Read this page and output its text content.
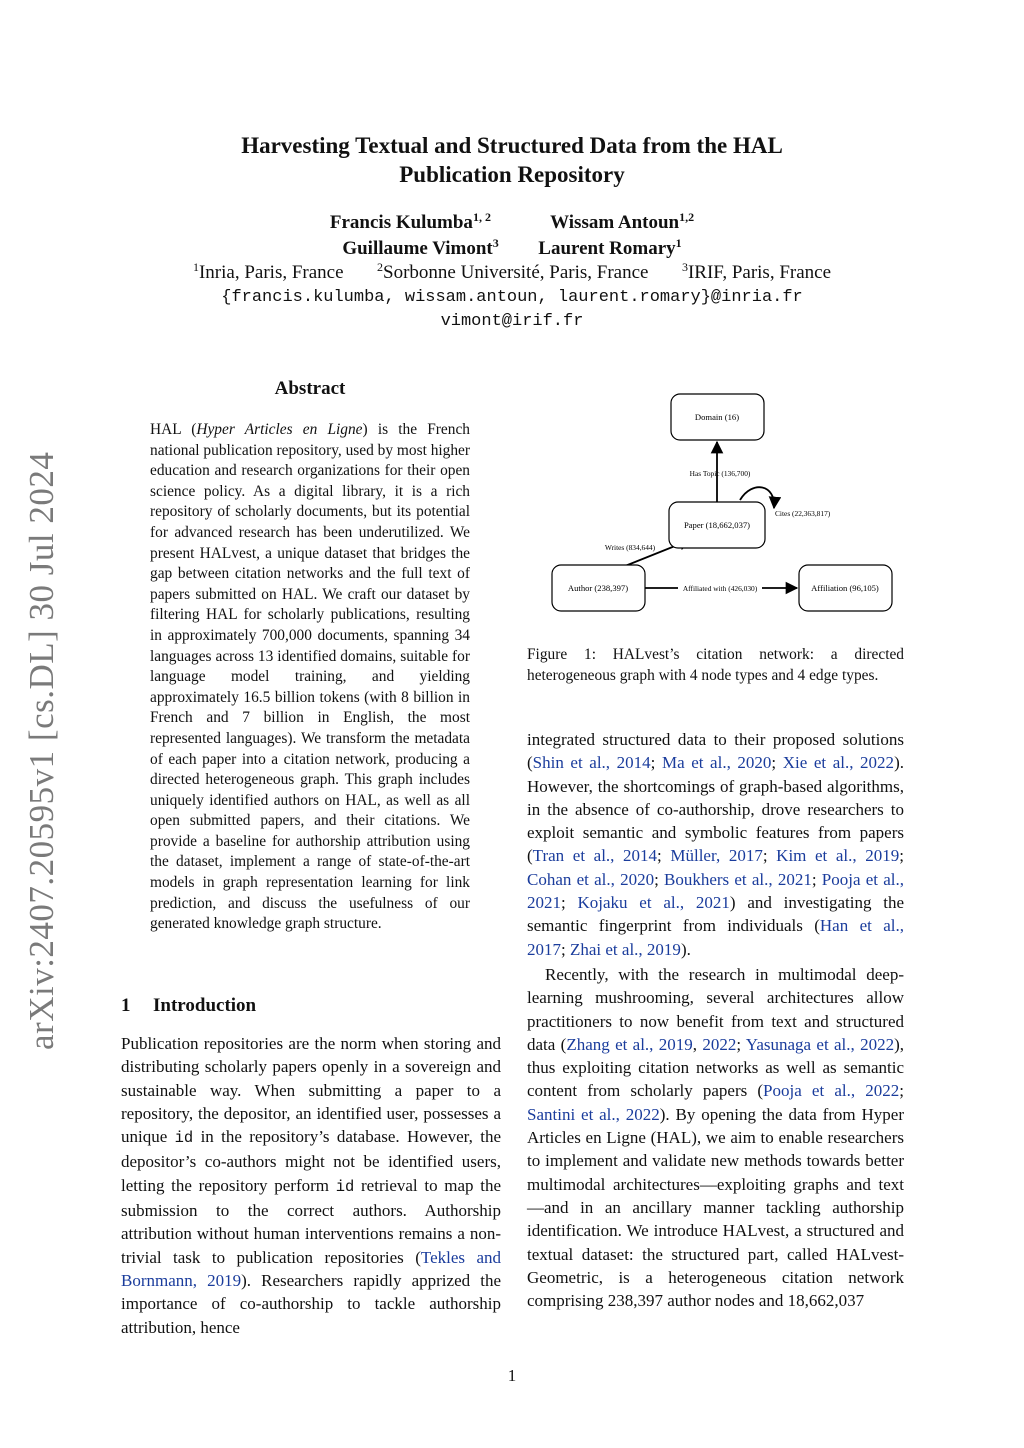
Harvesting Textual and Structured Data from the HAL
Publication Repository
Francis Kulumba$^{1, 2}$	Wissam Antoun$^{1,2}$
Guillaume Vimont$^3$ Laurent Romary$^1$
$^1$Inria, Paris, France	$^2$Sorbonne Université, Paris, France	$^3$IRIF, Paris, France
{francis.kulumba, wissam.antoun, laurent.romary}@inria.fr
vimont@irif.fr
arXiv:2407.20595v1 [cs.DL] 30 Jul 2024
Abstract
HAL (Hyper Articles en Ligne) is the French national publication repository, used by most higher education and research organizations for their open science policy. As a digital library, it is a rich repository of scholarly documents, but its potential for advanced research has been underutilized. We present HALvest, a unique dataset that bridges the gap between citation networks and the full text of papers submitted on HAL. We craft our dataset by filtering HAL for scholarly publications, resulting in approximately 700,000 documents, spanning 34 languages across 13 identified domains, suitable for language model training, and yielding approximately 16.5 billion tokens (with 8 billion in French and 7 billion in English, the most represented languages). We transform the metadata of each paper into a citation network, producing a directed heterogeneous graph. This graph includes uniquely identified authors on HAL, as well as all open submitted papers, and their citations. We provide a baseline for authorship attribution using the dataset, implement a range of state-of-the-art models in graph representation learning for link prediction, and discuss the usefulness of our generated knowledge graph structure.
1 Introduction
Publication repositories are the norm when storing and distributing scholarly papers openly in a sovereign and sustainable way. When submitting a paper to a repository, the depositor, an identified user, possesses a unique id in the repository’s database. However, the depositor’s co-authors might not be identified users, letting the repository perform id retrieval to map the submission to the correct authors. Authorship attribution without human interventions remains a non-trivial task to publication repositories (Tekles and Bornmann, 2019). Researchers rapidly apprized the importance of co-authorship to tackle authorship attribution, hence
Domain (16)
Paper (18,662,037)
Author (238,397)	Affiliation (96,105)
Has Topic (136,700)
Cites (22,363,817)
Writes (834,644)
Affiliated with (426,030)
Figure 1: HALvest’s citation network: a directed heterogeneous graph with 4 node types and 4 edge types.

integrated structured data to their proposed solutions (Shin et al., 2014; Ma et al., 2020; Xie et al., 2022). However, the shortcomings of graph-based algorithms, in the absence of co-authorship, drove researchers to exploit semantic and symbolic features from papers (Tran et al., 2014; Müller, 2017; Kim et al., 2019; Cohan et al., 2020; Boukhers et al., 2021; Pooja et al., 2021; Kojaku et al., 2021) and investigating the semantic fingerprint from individuals (Han et al., 2017; Zhai et al., 2019).

Recently, with the research in multimodal deep-learning mushrooming, several architectures allow practitioners to now benefit from text and structured data (Zhang et al., 2019, 2022; Yasunaga et al., 2022), thus exploiting citation networks as well as semantic content from scholarly papers (Pooja et al., 2022; Santini et al., 2022). By opening the data from Hyper Articles en Ligne (HAL), we aim to enable researchers to implement and validate new methods towards better multimodal architectures—exploiting graphs and text—and in an ancillary manner tackling authorship identification. We introduce HALvest, a structured and textual dataset: the structured part, called HALvest-Geometric, is a heterogeneous citation network comprising 238,397 author nodes and 18,662,037

1
